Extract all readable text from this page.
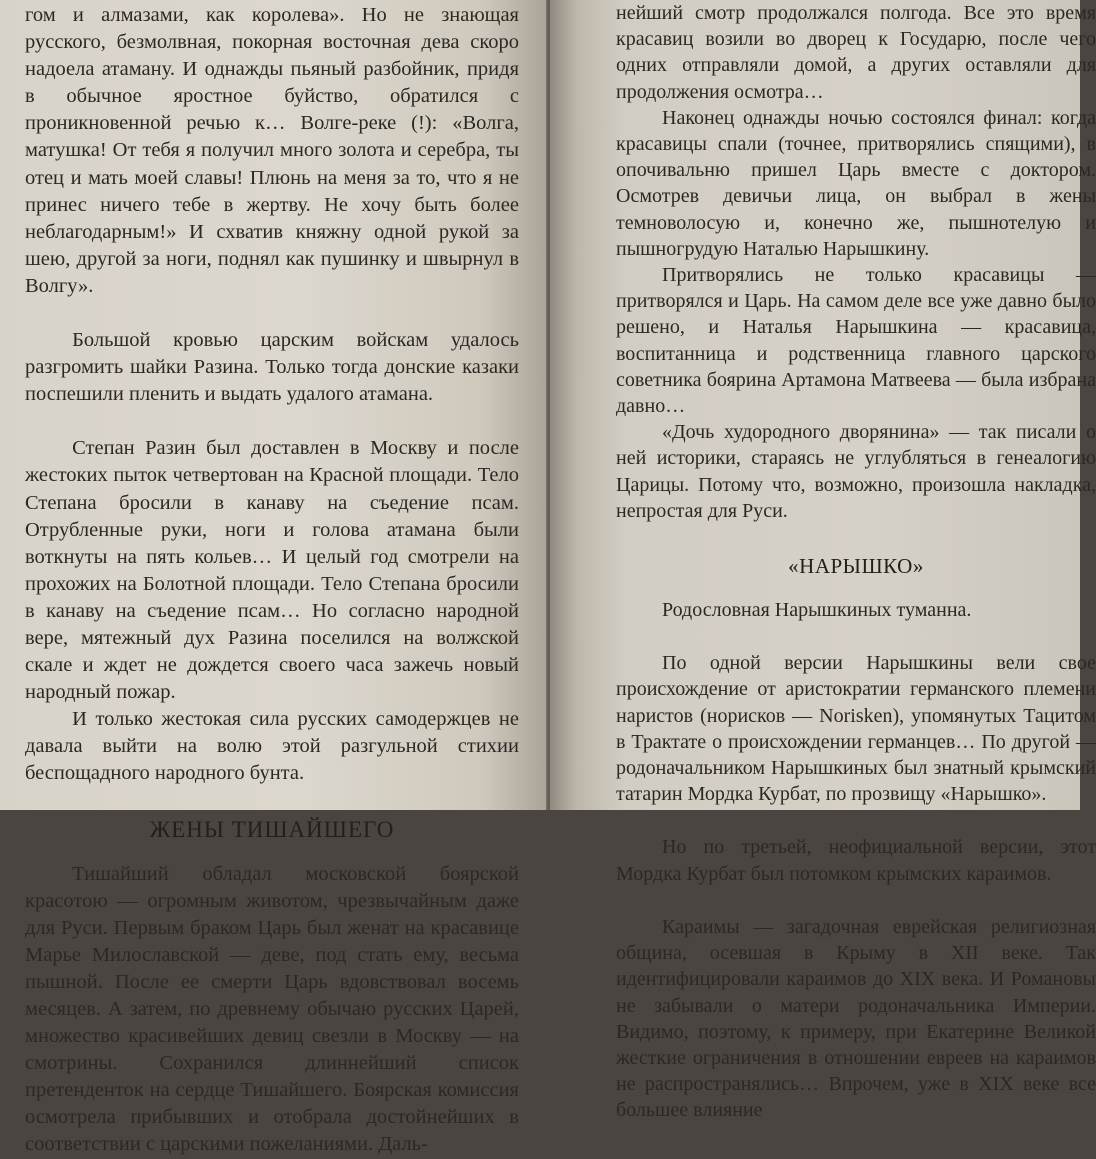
гом и алмазами, как королева». Но не знающая русского, безмолвная, покорная восточная дева скоро надоела атаману. И однажды пьяный разбойник, придя в обычное яростное буйство, обратился с проникновенной речью к… Волге-реке (!): «Волга, матушка! От тебя я получил много золота и серебра, ты отец и мать моей славы! Плюнь на меня за то, что я не принес ничего тебе в жертву. Не хочу быть более неблагодарным!» И схватив княжну одной рукой за шею, другой за ноги, поднял как пушинку и швырнул в Волгу».

Большой кровью царским войскам удалось разгромить шайки Разина. Только тогда донские казаки поспешили пленить и выдать удалого атамана.

Степан Разин был доставлен в Москву и после жестоких пыток четвертован на Красной площади. Тело Степана бросили в канаву на съедение псам. Отрубленные руки, ноги и голова атамана были воткнуты на пять кольев… И целый год смотрели на прохожих на Болотной площади. Тело Степана бросили в канаву на съедение псам… Но согласно народной вере, мятежный дух Разина поселился на волжской скале и ждет не дождется своего часа зажечь новый народный пожар.

И только жестокая сила русских самодержцев не давала выйти на волю этой разгульной стихии беспощадного народного бунта.

ЖЕНЫ ТИШАЙШЕГО

Тишайший обладал московской боярской красотою — огромным животом, чрезвычайным даже для Руси. Первым браком Царь был женат на красавице Марье Милославской — деве, под стать ему, весьма пышной. После ее смерти Царь вдовствовал восемь месяцев. А затем, по древнему обычаю русских Царей, множество красивейших девиц свезли в Москву — на смотрины. Сохранился длиннейший список претенденток на сердце Тишайшего. Боярская комиссия осмотрела прибывших и отобрала достойнейших в соответствии с царскими пожеланиями. Даль-

нейший смотр продолжался полгода. Все это время красавиц возили во дворец к Государю, после чего одних отправляли домой, а других оставляли для продолжения осмотра…

Наконец однажды ночью состоялся финал: когда красавицы спали (точнее, притворялись спящими), в опочивальню пришел Царь вместе с доктором. Осмотрев девичьи лица, он выбрал в жены темноволосую и, конечно же, пышнотелую и пышногрудую Наталью Нарышкину.

Притворялись не только красавицы — притворялся и Царь. На самом деле все уже давно было решено, и Наталья Нарышкина — красавица, воспитанница и родственница главного царского советника боярина Артамона Матвеева — была избрана давно…

«Дочь худородного дворянина» — так писали о ней историки, стараясь не углубляться в генеалогию Царицы. Потому что, возможно, произошла накладка, непростая для Руси.

«НАРЫШКО»

Родословная Нарышкиных туманна.

По одной версии Нарышкины вели свое происхождение от аристократии германского племени наристов (норисков — Norisken), упомянутых Тацитом в Трактате о происхождении германцев… По другой — родоначальником Нарышкиных был знатный крымский татарин Мордка Курбат, по прозвищу «Нарышко».

Но по третьей, неофициальной версии, этот Мордка Курбат был потомком крымских караимов.

Караимы — загадочная еврейская религиозная община, осевшая в Крыму в XII веке. Так идентифицировали караимов до XIX века. И Романовы не забывали о матери родоначальника Империи. Видимо, поэтому, к примеру, при Екатерине Великой жесткие ограничения в отношении евреев на караимов не распространялись… Впрочем, уже в XIX веке все большее влияние
